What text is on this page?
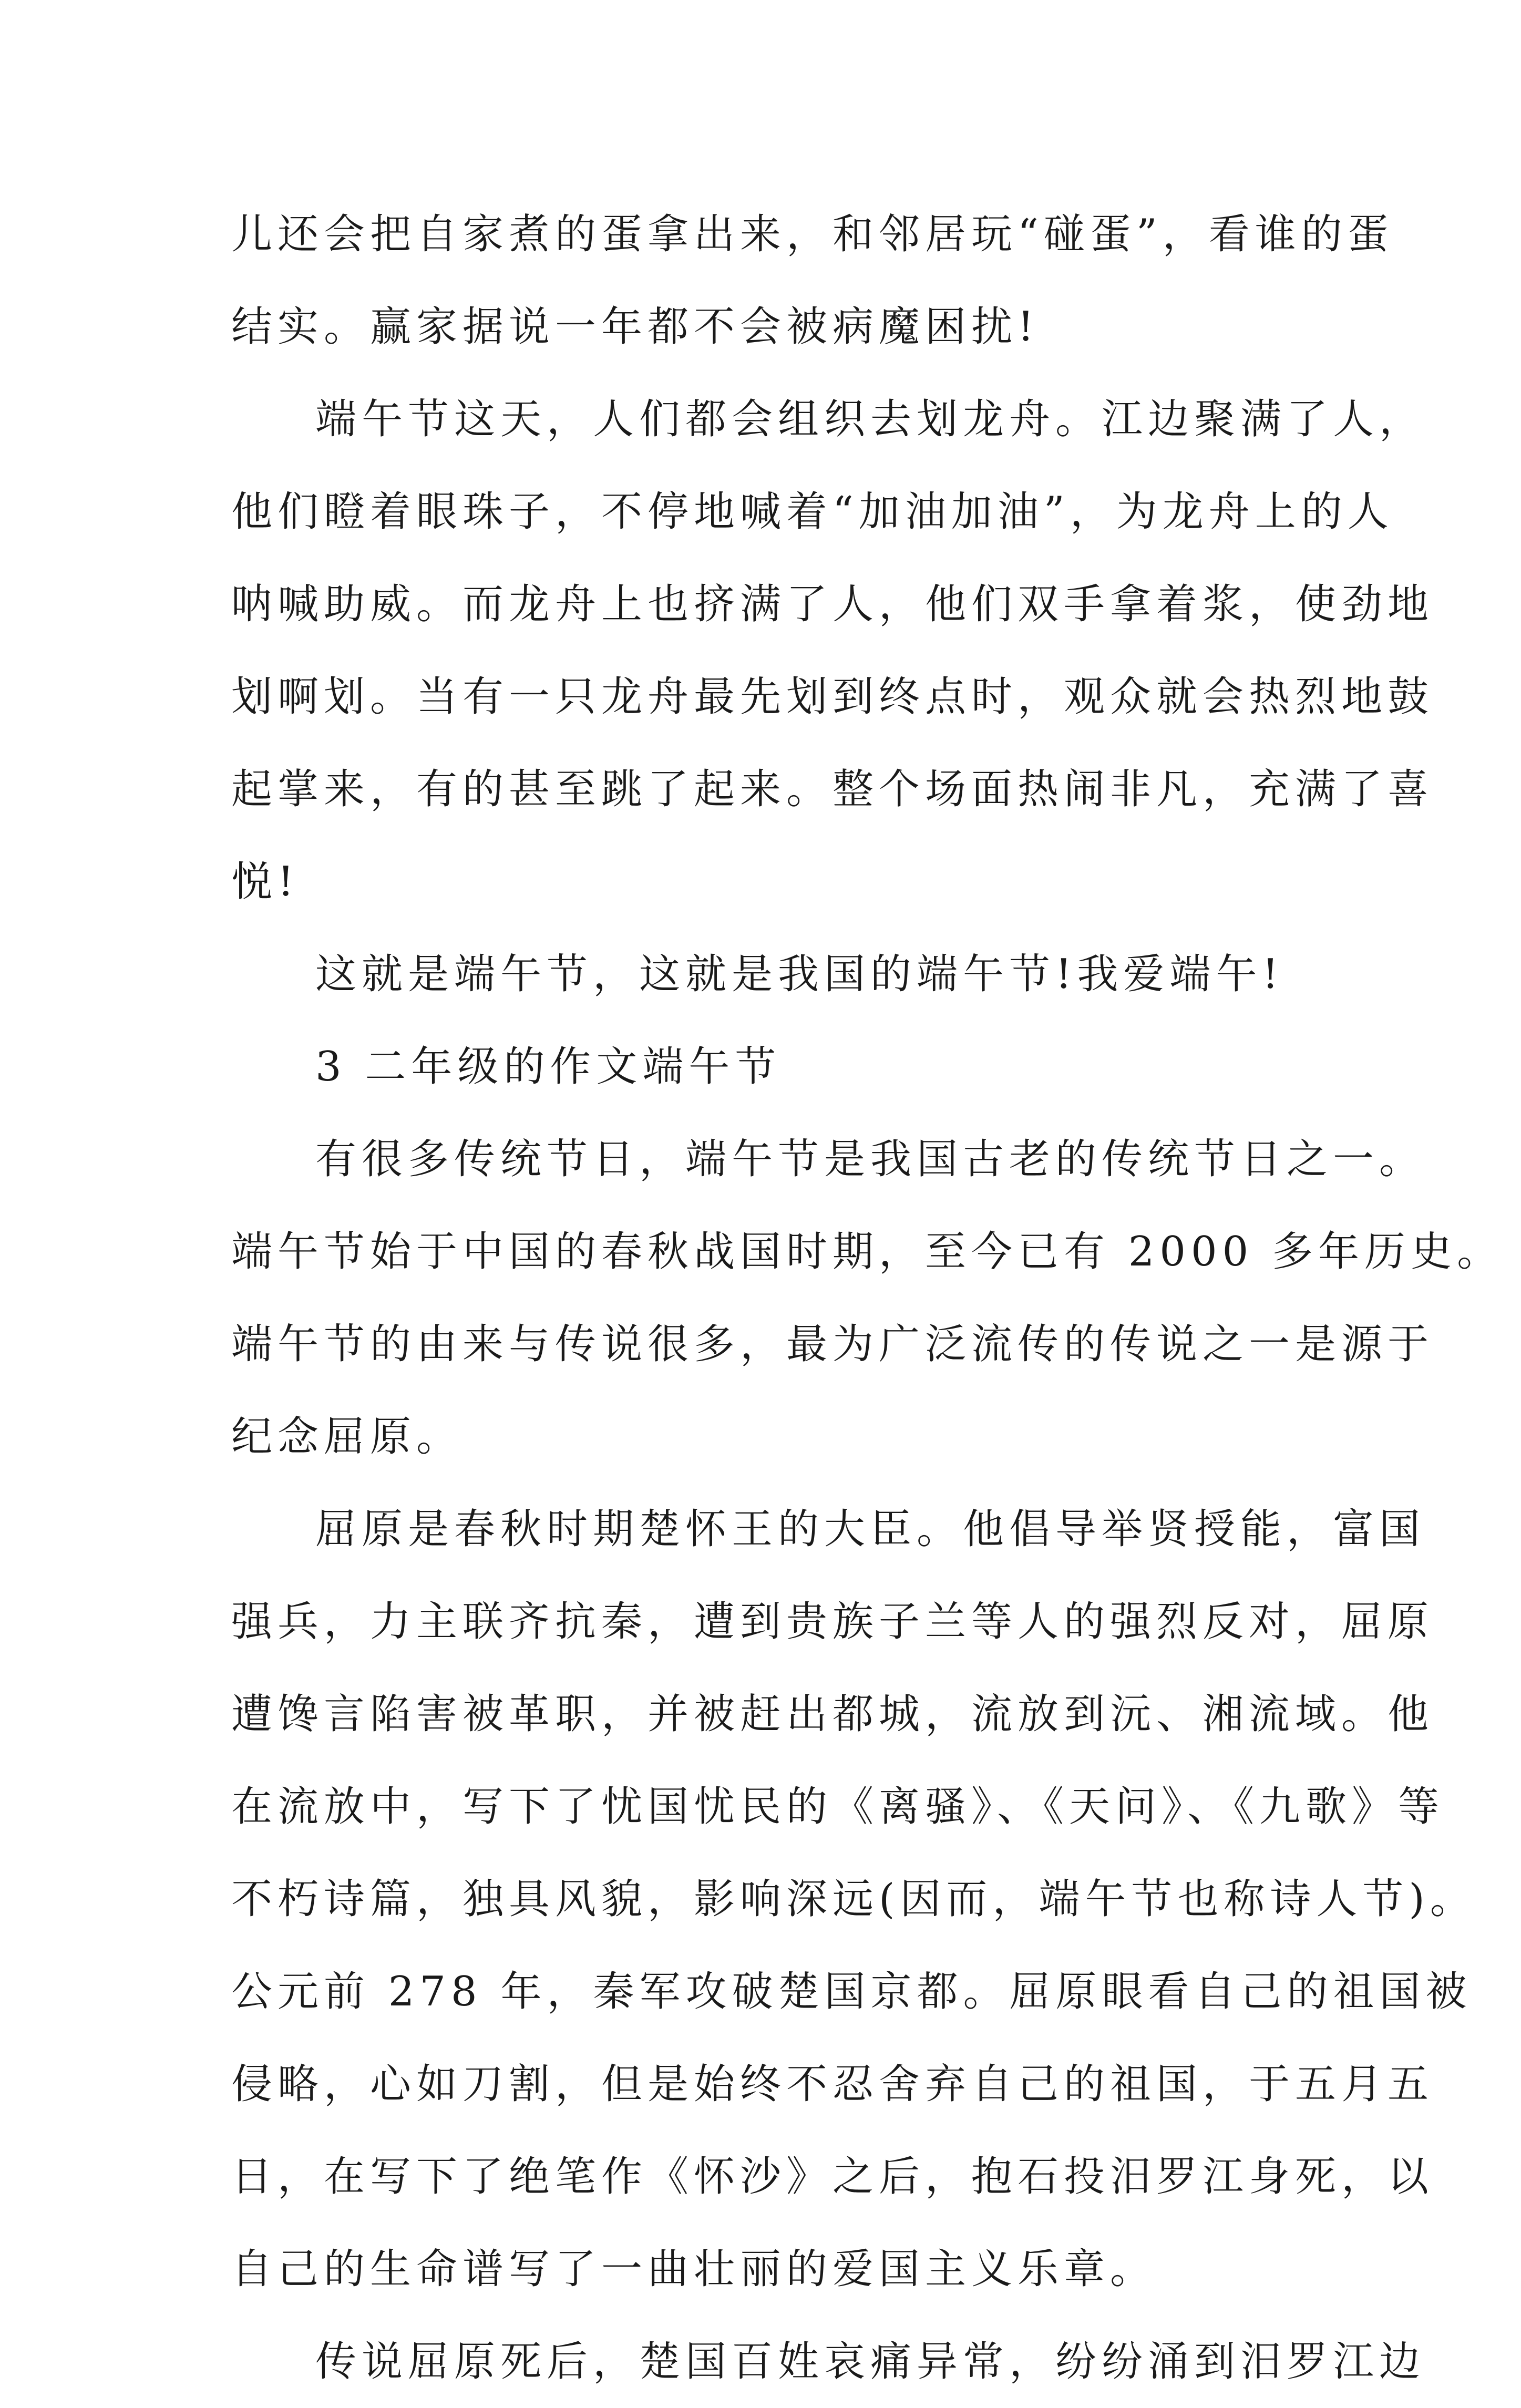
儿还会把自家煮的蛋拿出来，和邻居玩“碰蛋”，看谁的蛋
结实。赢家据说一年都不会被病魔困扰!
端午节这天，人们都会组织去划龙舟。江边聚满了人，
他们瞪着眼珠子，不停地喊着“加油加油”，为龙舟上的人
呐喊助威。而龙舟上也挤满了人，他们双手拿着浆，使劲地
划啊划。当有一只龙舟最先划到终点时，观众就会热烈地鼓
起掌来，有的甚至跳了起来。整个场面热闹非凡，充满了喜
悦!
这就是端午节，这就是我国的端午节!我爱端午!
3 二年级的作文端午节
有很多传统节日，端午节是我国古老的传统节日之一。
端午节始于中国的春秋战国时期，至今已有 2000 多年历史。
端午节的由来与传说很多，最为广泛流传的传说之一是源于
纪念屈原。
屈原是春秋时期楚怀王的大臣。他倡导举贤授能，富国
强兵，力主联齐抗秦，遭到贵族子兰等人的强烈反对，屈原
遭馋言陷害被革职，并被赶出都城，流放到沅、湘流域。他
在流放中，写下了忧国忧民的《离骚》、《天问》、《九歌》等
不朽诗篇，独具风貌，影响深远(因而，端午节也称诗人节)。
公元前 278 年，秦军攻破楚国京都。屈原眼看自己的祖国被
侵略，心如刀割，但是始终不忍舍弃自己的祖国，于五月五
日，在写下了绝笔作《怀沙》之后，抱石投汨罗江身死，以
自己的生命谱写了一曲壮丽的爱国主义乐章。
传说屈原死后，楚国百姓哀痛异常，纷纷涌到汨罗江边
